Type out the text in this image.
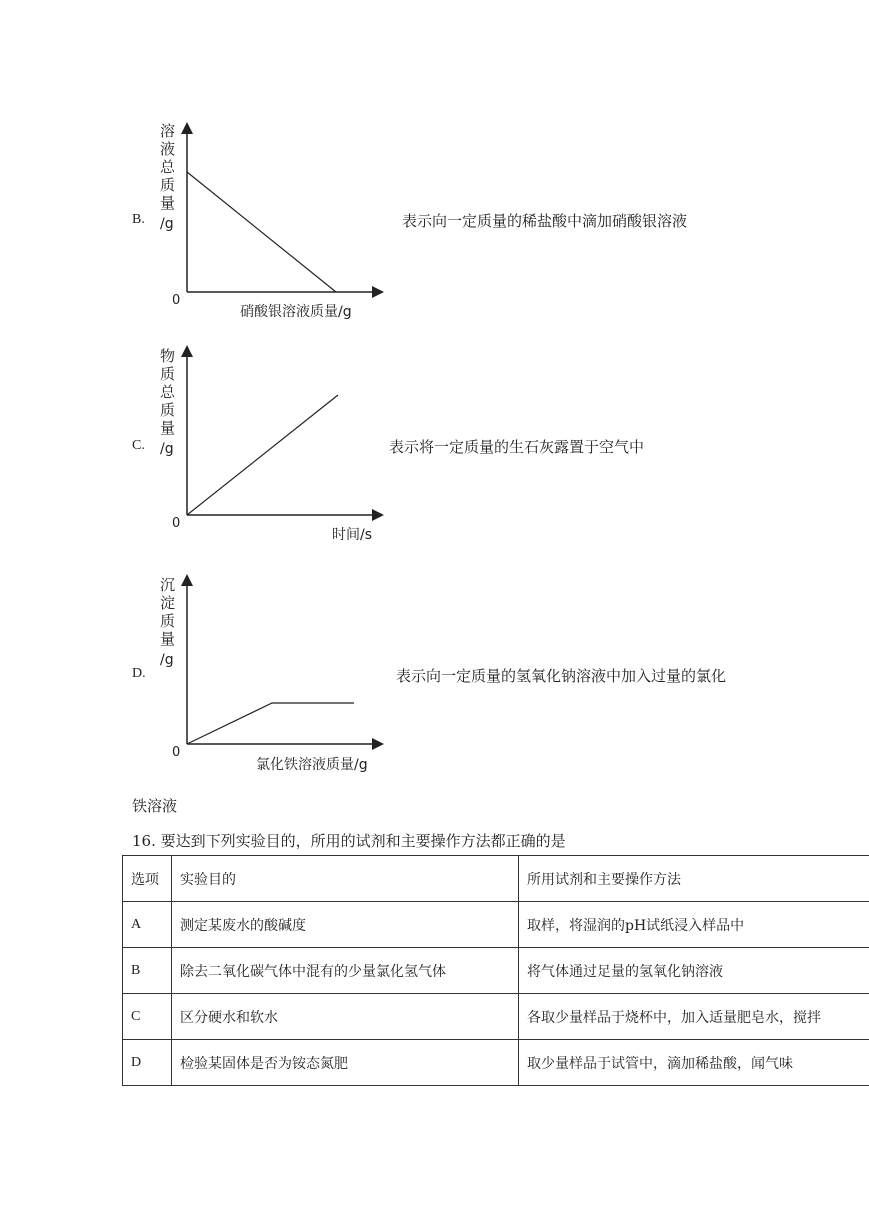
B.
溶
液
总
质
量
/g
0
硝酸银溶液质量/g
表示向一定质量的稀盐酸中滴加硝酸银溶液
C.
物
质
总
质
量
/g
0
时间/s
表示将一定质量的生石灰露置于空气中
D.
沉
淀
质
量
/g
0
氯化铁溶液质量/g
表示向一定质量的氢氧化钠溶液中加入过量的氯化
铁溶液
16. 要达到下列实验目的，所用的试剂和主要操作方法都正确的是
选项	实验目的	所用试剂和主要操作方法
A	测定某废水的酸碱度	取样，将湿润的pH试纸浸入样品中
B	除去二氧化碳气体中混有的少量氯化氢气体	将气体通过足量的氢氧化钠溶液
C	区分硬水和软水	各取少量样品于烧杯中，加入适量肥皂水，搅拌
D	检验某固体是否为铵态氮肥	取少量样品于试管中，滴加稀盐酸，闻气味
